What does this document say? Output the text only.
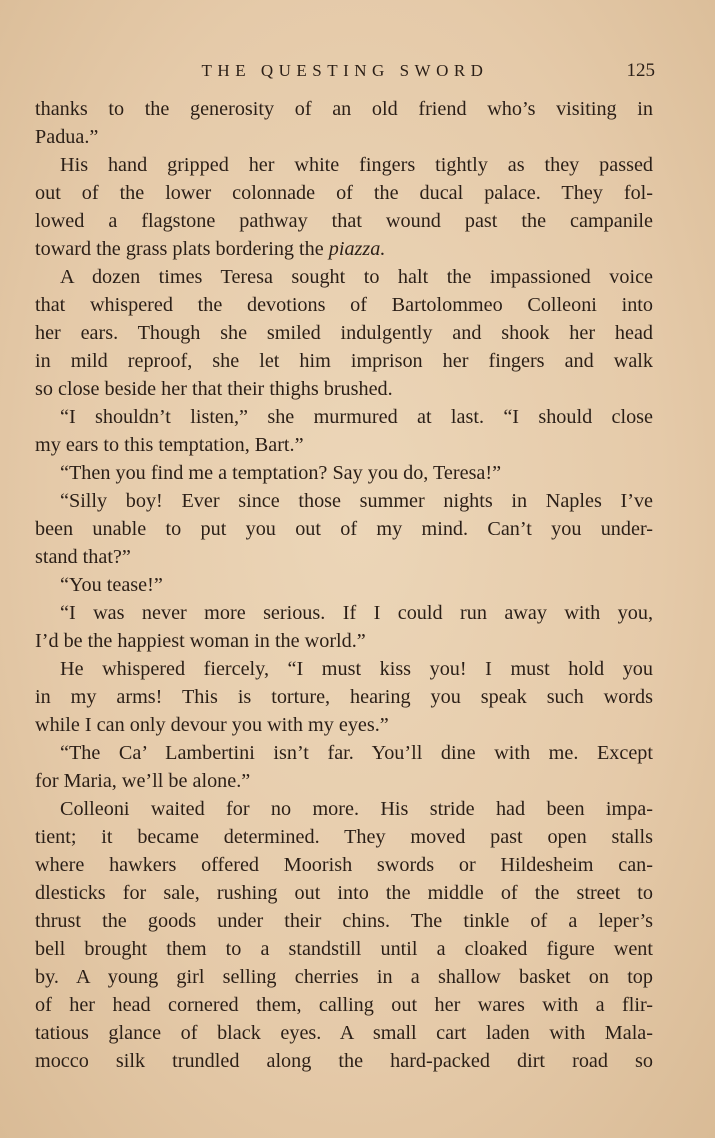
THE QUESTING SWORD	125
thanks to the generosity of an old friend who’s visiting in
Padua.”
His hand gripped her white fingers tightly as they passed
out of the lower colonnade of the ducal palace. They fol-
lowed a flagstone pathway that wound past the campanile
toward the grass plats bordering the piazza.
A dozen times Teresa sought to halt the impassioned voice
that whispered the devotions of Bartolommeo Colleoni into
her ears. Though she smiled indulgently and shook her head
in mild reproof, she let him imprison her fingers and walk
so close beside her that their thighs brushed.
“I shouldn’t listen,” she murmured at last. “I should close
my ears to this temptation, Bart.”
“Then you find me a temptation? Say you do, Teresa!”
“Silly boy! Ever since those summer nights in Naples I’ve
been unable to put you out of my mind. Can’t you under-
stand that?”
“You tease!”
“I was never more serious. If I could run away with you,
I’d be the happiest woman in the world.”
He whispered fiercely, “I must kiss you! I must hold you
in my arms! This is torture, hearing you speak such words
while I can only devour you with my eyes.”
“The Ca’ Lambertini isn’t far. You’ll dine with me. Except
for Maria, we’ll be alone.”
Colleoni waited for no more. His stride had been impa-
tient; it became determined. They moved past open stalls
where hawkers offered Moorish swords or Hildesheim can-
dlesticks for sale, rushing out into the middle of the street to
thrust the goods under their chins. The tinkle of a leper’s
bell brought them to a standstill until a cloaked figure went
by. A young girl selling cherries in a shallow basket on top
of her head cornered them, calling out her wares with a flir-
tatious glance of black eyes. A small cart laden with Mala-
mocco silk trundled along the hard-packed dirt road so
